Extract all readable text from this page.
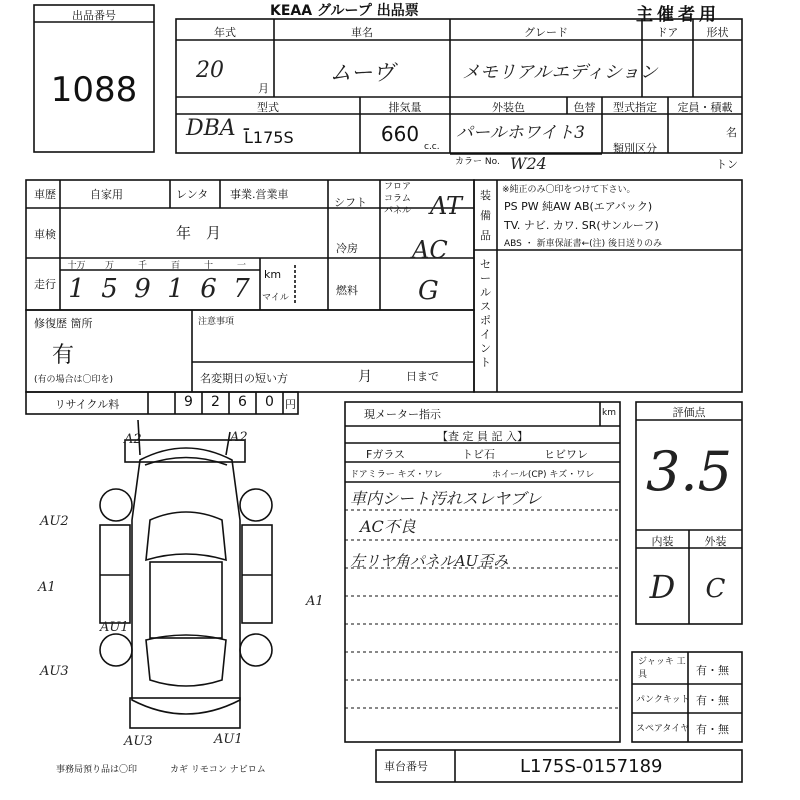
KEAA グループ 出品票	主催者用
出品番号
1088
年式
20
月
車名
ムーヴ
グレード
メモリアルエディション
ドア	形状
型式
DBA -
L175S
排気量
660
c.c.
外装色	色替
パールホワイト3
カラー No. W24
型式指定
類別区分
定員・積載
名
トン
車歴	自家用	レンタ 事業.営業車
車検	年　月
走行
十万	万	千	百	十	一
1 5 9 1 6 7	km
マイル
シフト
フロア
コラム
パネル AT
冷房 AC
燃料 G
装備品
※純正のみ〇印をつけて下さい。
PS PW 純AW AB(エアバック)
TV. ナビ. カワ. SR(サンルーフ)
ABS ・ 新車保証書←(注) 後日送りのみ
セールスポイント
修復歴 箇所
有
(有の場合は〇印を)
注意事項
名変期日の短い方	月	日まで
リサイクル料	9	2	6	0	円
現メーター指示	km
【査 定 員 記 入】
Fガラス	トビ石	ヒビワレ
ドアミラー キズ・ワレ	ホイール(CP) キズ・ワレ
車内シート汚れスレヤブレ
AC不良
左リヤ角パネルAU歪み
評価点
3.5
内装	外装
D	C
ジャッキ 工具	有・無
パンクキット 有・無
スペアタイヤ 有・無
A2	A2
AU2
A1
A1
AU1
AU3
AU3	AU1
事務局預り品は〇印	カギ リモコン ナビロム	車台番号	L175S-0157189
